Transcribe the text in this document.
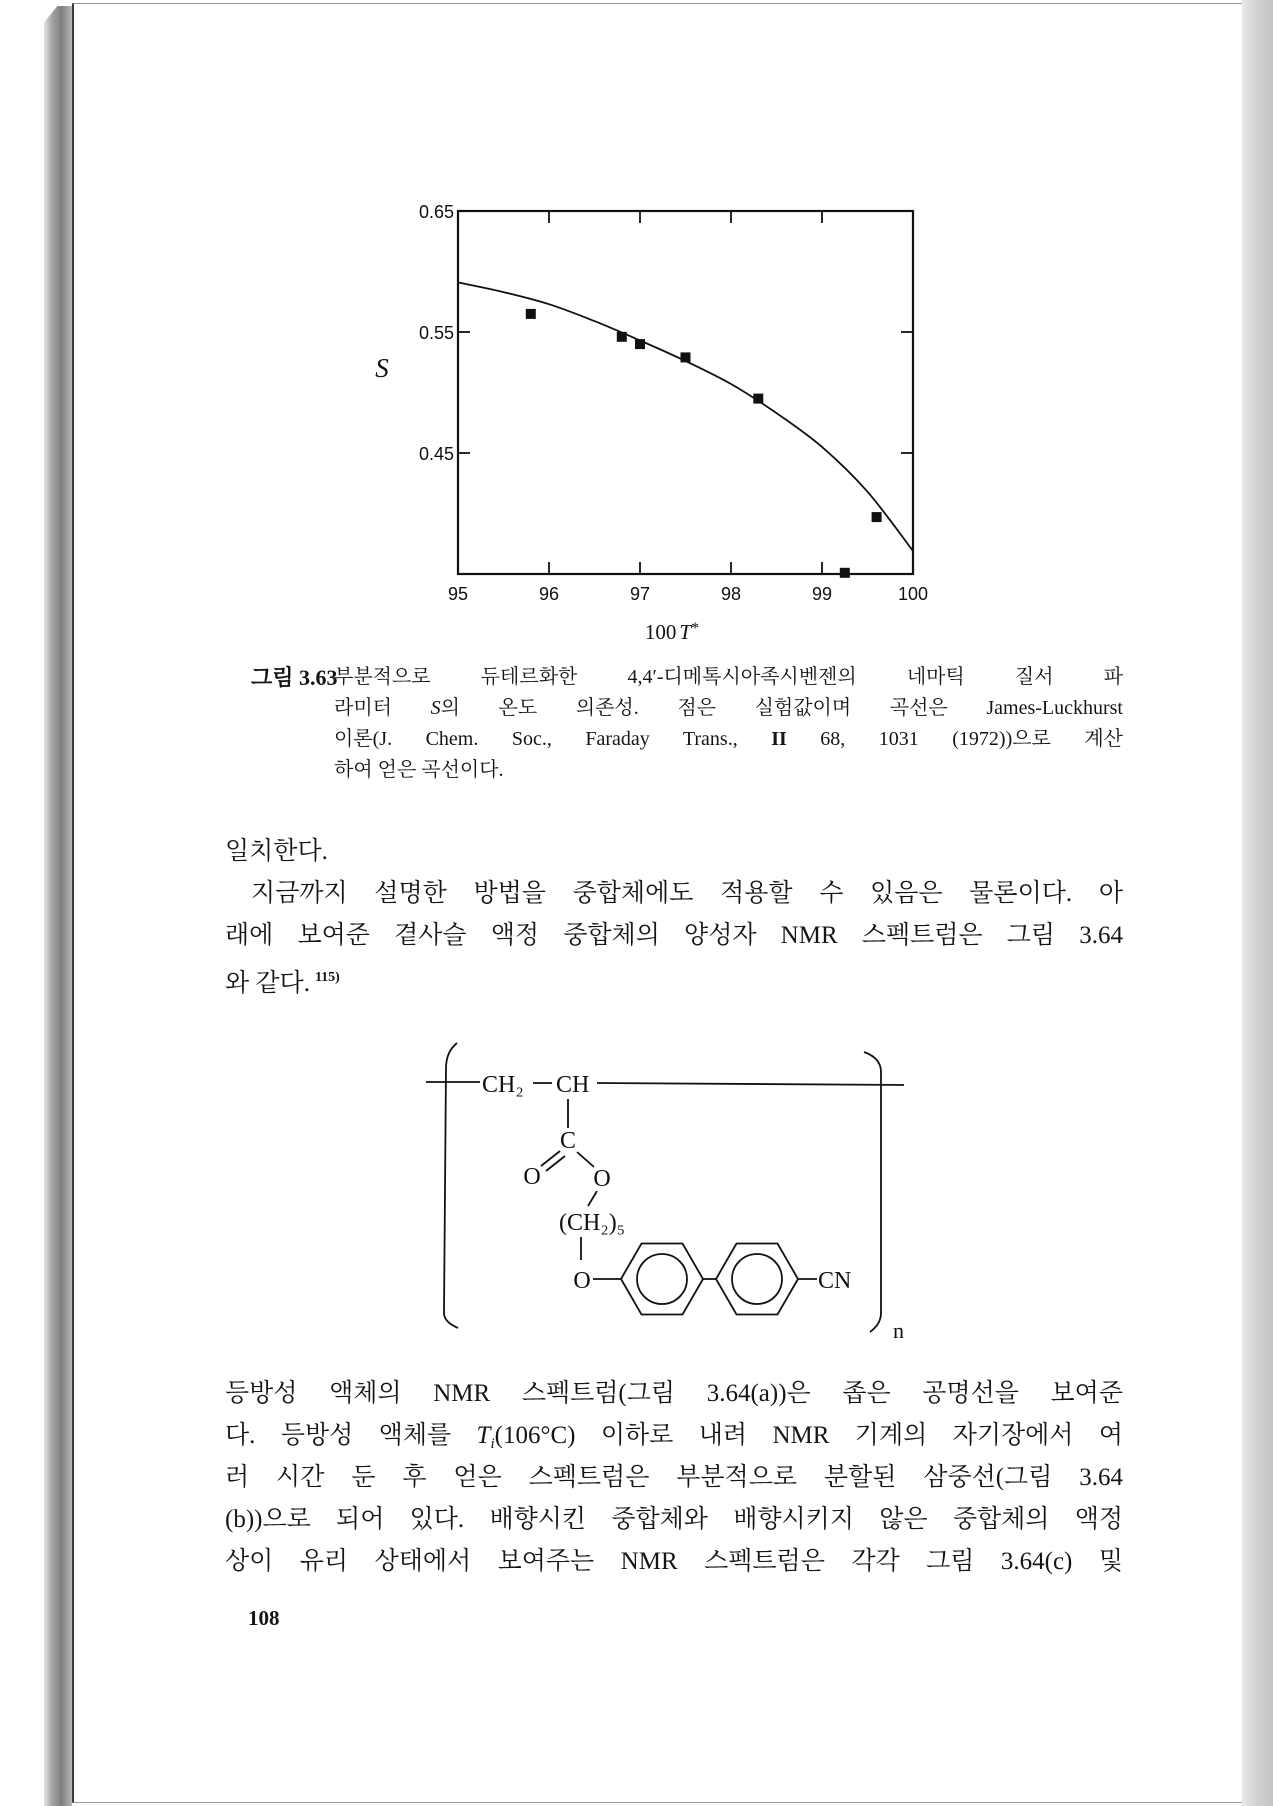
95	96	97	98	99	100
0.65
0.55
0.45
S
100 T*
CH₂ CH
C
O O
(CH₂)₅
O	CN
n
그림 3.63
부분적으로 듀테르화한 4,4′-디메톡시아족시벤젠의 네마틱 질서 파
라미터 S의 온도 의존성. 점은 실험값이며 곡선은 James-Luckhurst
이론(J. Chem. Soc., Faraday Trans., II 68, 1031 (1972))으로 계산
하여 얻은 곡선이다.
일치한다.
지금까지 설명한 방법을 중합체에도 적용할 수 있음은 물론이다. 아
래에 보여준 곁사슬 액정 중합체의 양성자 NMR 스펙트럼은 그림 3.64
와 같다. $^{115)}$
등방성 액체의 NMR 스펙트럼(그림 3.64(a))은 좁은 공명선을 보여준
다. 등방성 액체를 $T_i(106^\circ C)$ 이하로 내려 NMR 기계의 자기장에서 여
러 시간 둔 후 얻은 스펙트럼은 부분적으로 분할된 삼중선(그림 3.64
(b))으로 되어 있다. 배향시킨 중합체와 배향시키지 않은 중합체의 액정
상이 유리 상태에서 보여주는 NMR 스펙트럼은 각각 그림 3.64(c) 및
108
